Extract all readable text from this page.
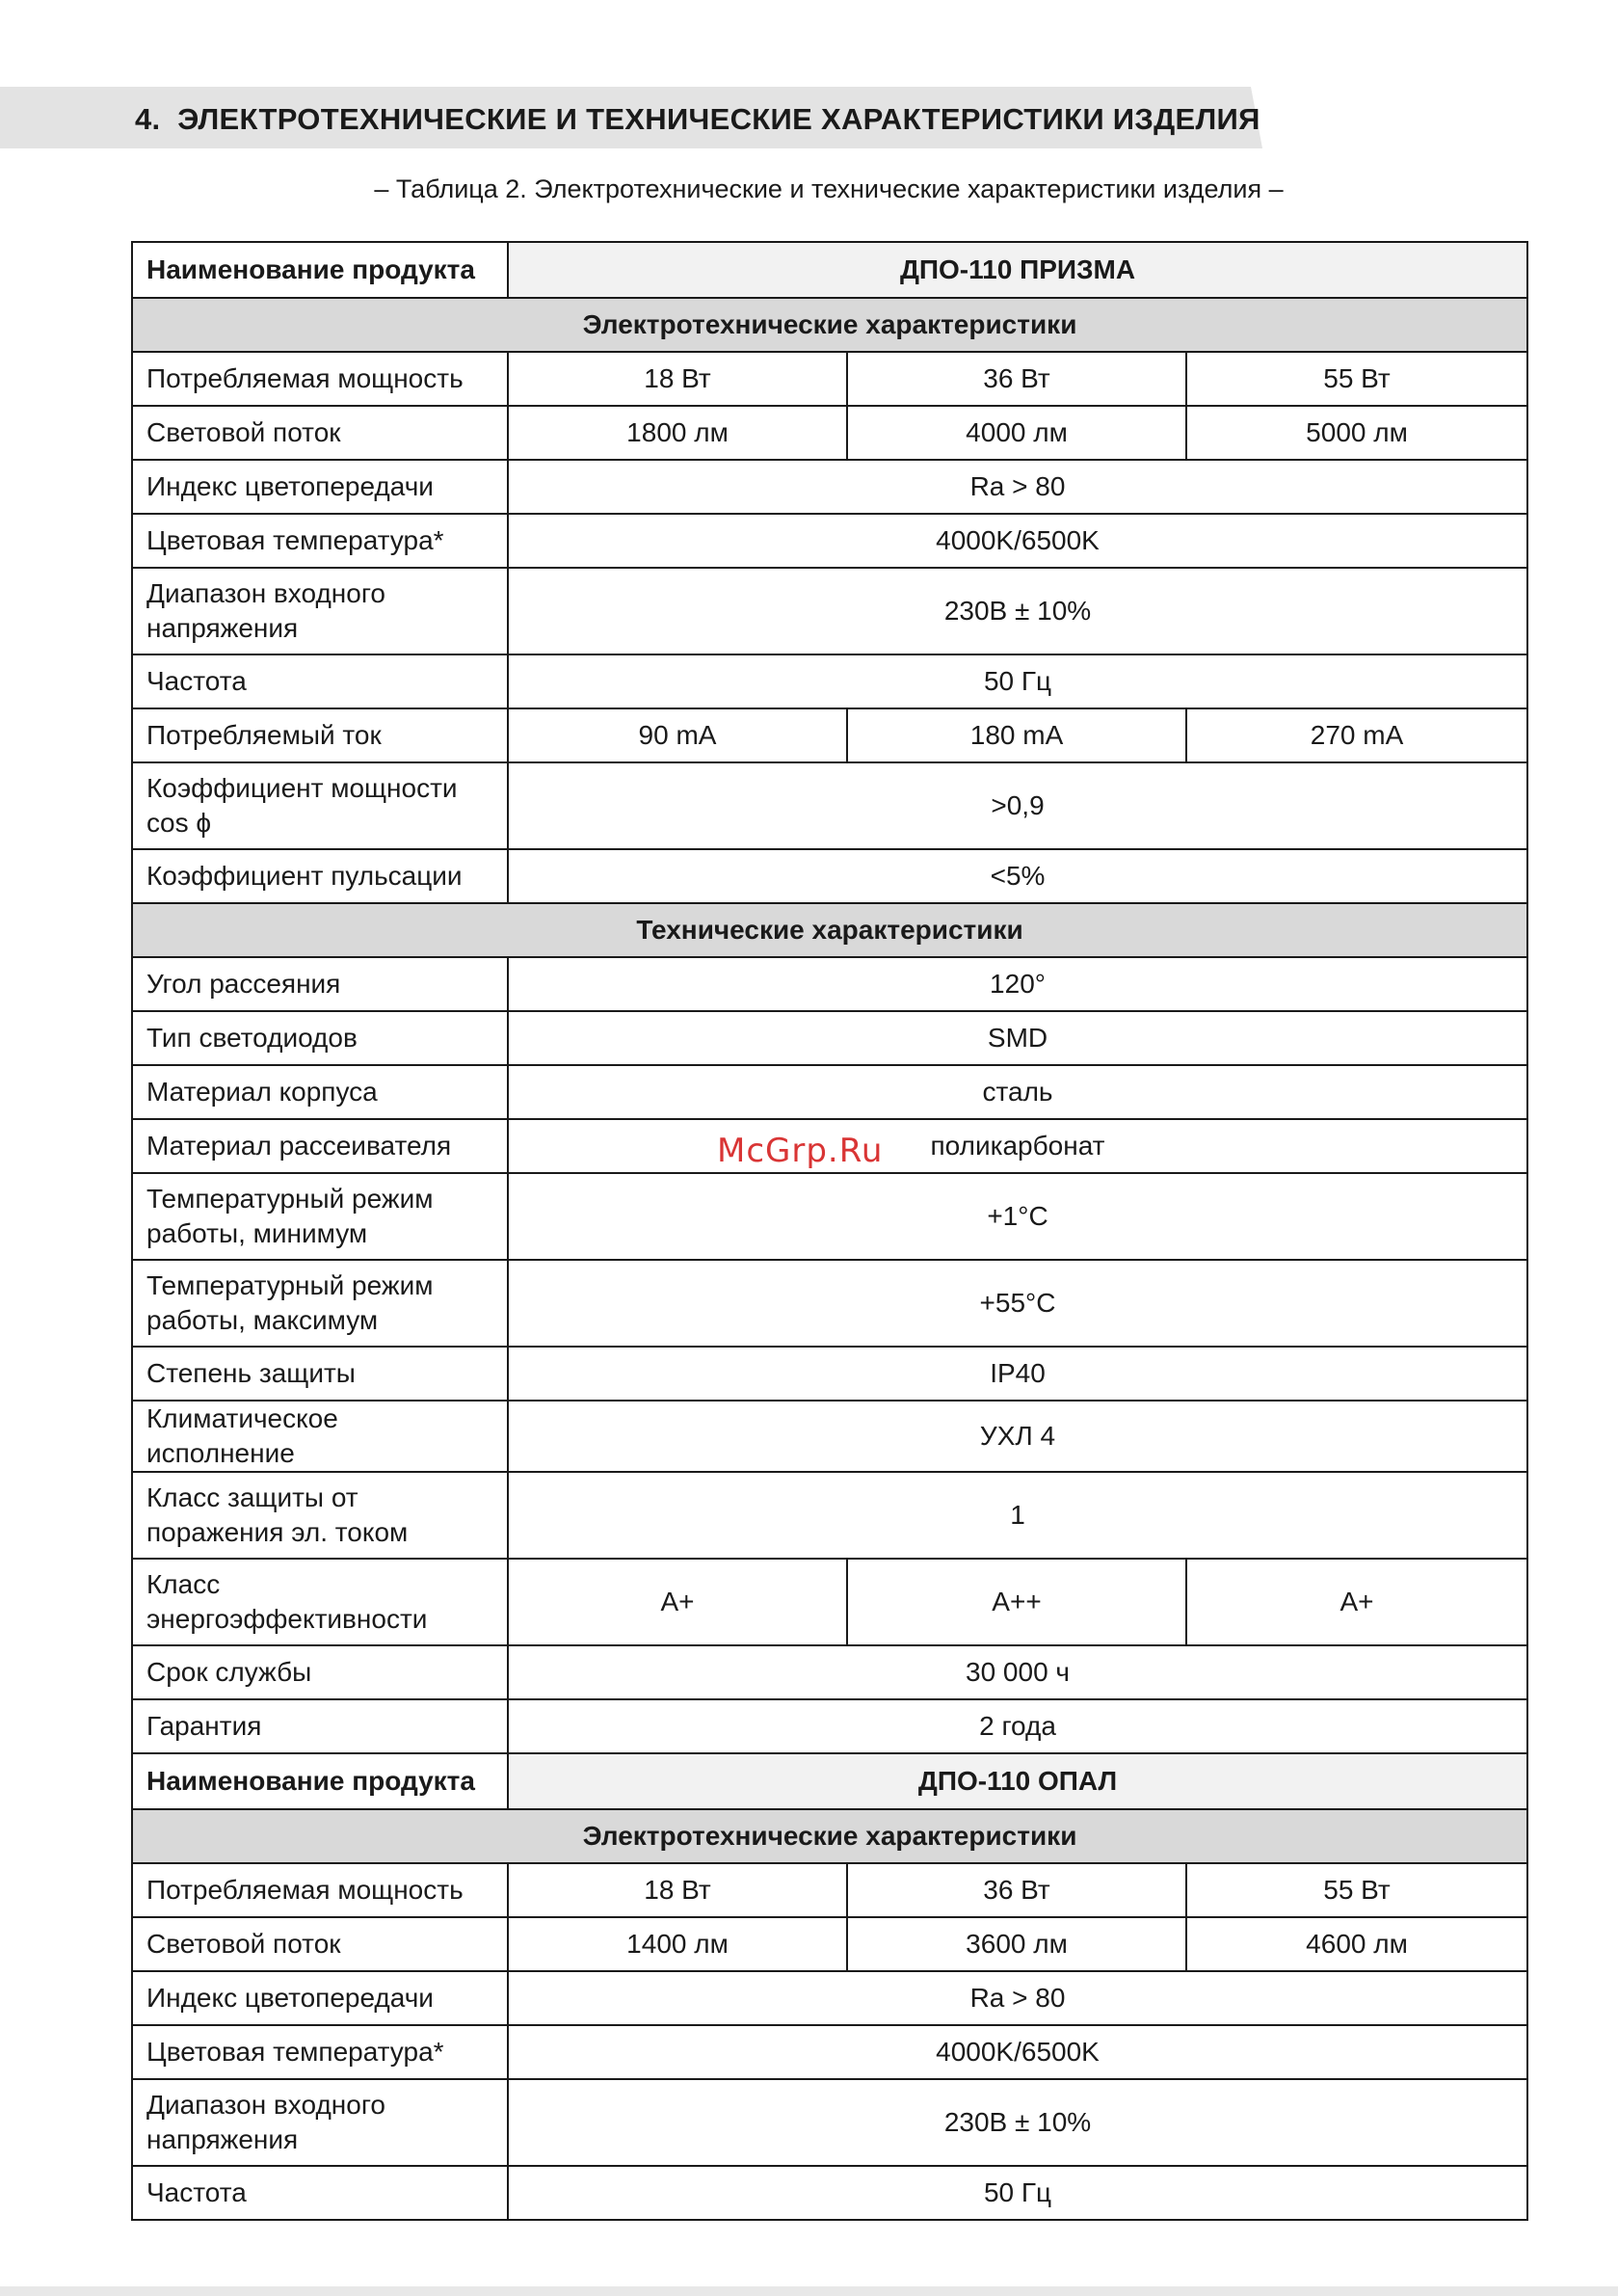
4. ЭЛЕКТРОТЕХНИЧЕСКИЕ И ТЕХНИЧЕСКИЕ ХАРАКТЕРИСТИКИ ИЗДЕЛИЯ
– Таблица 2. Электротехнические и технические характеристики изделия –
Наименование продукта	ДПО-110 ПРИЗМА		
Электротехнические характеристики			
Потребляемая мощность	18 Вт	36 Вт	55 Вт
Световой поток	1800 лм	4000 лм	5000 лм
Индекс цветопередачи	Ra > 80		
Цветовая температура*	4000K/6500K		
Диапазон входного напряжения	230В ± 10%		
Частота	50 Гц		
Потребляемый ток	90 mA	180 mA	270 mA
Коэффициент мощности cos ϕ	>0,9		
Коэффициент пульсации	<5%		
Технические характеристики			
Угол рассеяния	120°		
Тип светодиодов	SMD		
Материал корпуса	сталь		
Материал рассеивателя	поликарбонат		
Температурный режим работы, минимум	+1°С		
Температурный режим работы, максимум	+55°С		
Степень защиты	IP40		
Климатическое исполнение	УХЛ 4		
Класс защиты от поражения эл. током	1		
Класс энергоэффективности	А+	А++	А+
Срок службы	30 000 ч		
Гарантия	2 года		
Наименование продукта	ДПО-110 ОПАЛ		
Электротехнические характеристики			
Потребляемая мощность	18 Вт	36 Вт	55 Вт
Световой поток	1400 лм	3600 лм	4600 лм
Индекс цветопередачи	Ra > 80		
Цветовая температура*	4000K/6500K		
Диапазон входного напряжения	230В ± 10%		
Частота	50 Гц		
McGrp.Ru
